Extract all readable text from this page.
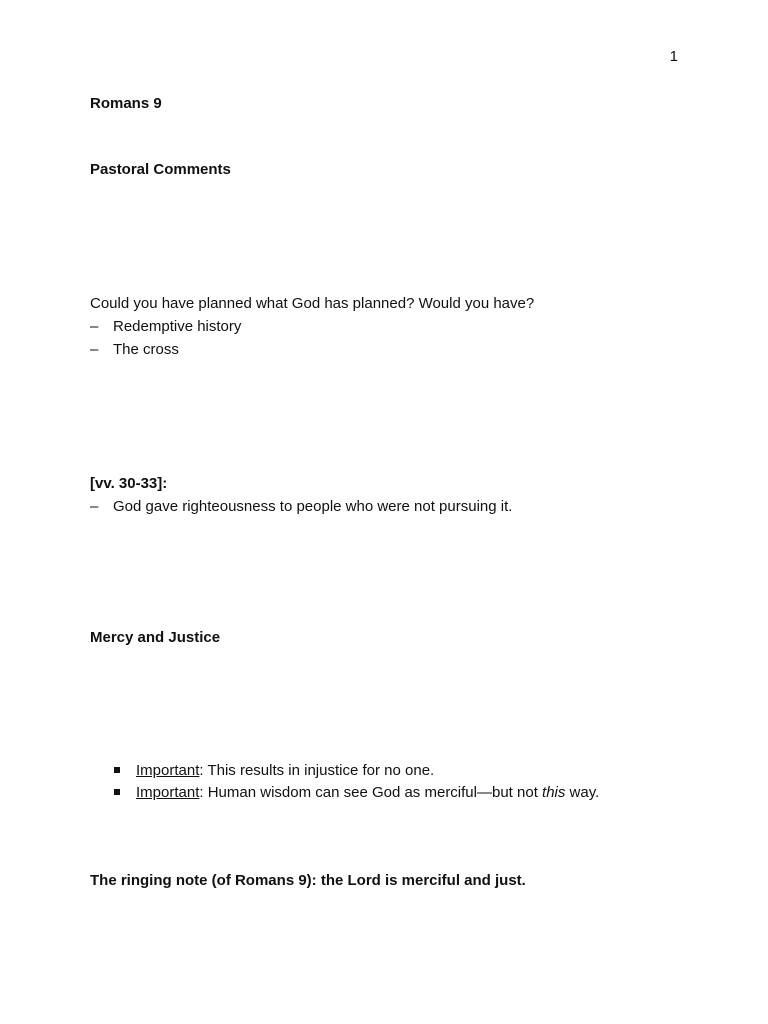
1
Romans 9
Pastoral Comments
Could you have planned what God has planned? Would you have?
– Redemptive history
– The cross
[vv. 30-33]:
– God gave righteousness to people who were not pursuing it.
Mercy and Justice
Important: This results in injustice for no one.
Important: Human wisdom can see God as merciful—but not this way.
The ringing note (of Romans 9): the Lord is merciful and just.
